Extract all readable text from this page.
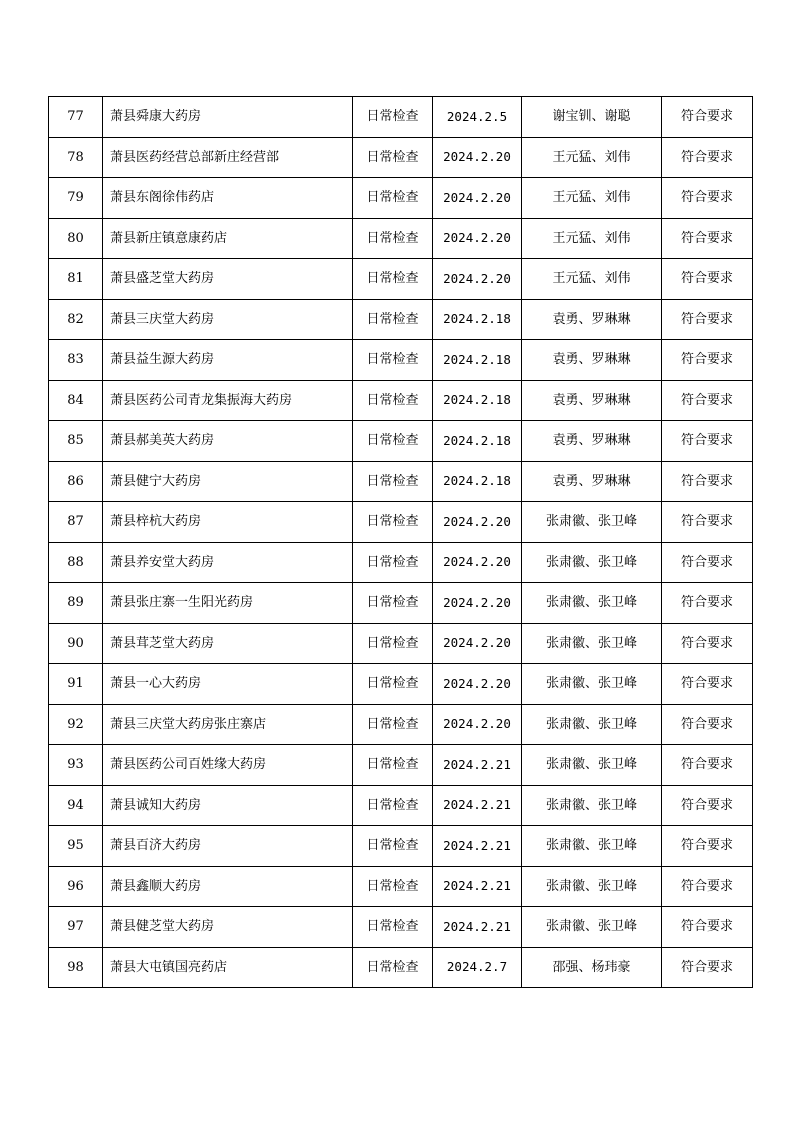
77	萧县舜康大药房	日常检查	2024.2.5	谢宝钏、谢聪	符合要求
78	萧县医药经营总部新庄经营部	日常检查	2024.2.20	王元猛、刘伟	符合要求
79	萧县东阁徐伟药店	日常检查	2024.2.20	王元猛、刘伟	符合要求
80	萧县新庄镇意康药店	日常检查	2024.2.20	王元猛、刘伟	符合要求
81	萧县盛芝堂大药房	日常检查	2024.2.20	王元猛、刘伟	符合要求
82	萧县三庆堂大药房	日常检查	2024.2.18	袁勇、罗琳琳	符合要求
83	萧县益生源大药房	日常检查	2024.2.18	袁勇、罗琳琳	符合要求
84	萧县医药公司青龙集振海大药房	日常检查	2024.2.18	袁勇、罗琳琳	符合要求
85	萧县郝美英大药房	日常检查	2024.2.18	袁勇、罗琳琳	符合要求
86	萧县健宁大药房	日常检查	2024.2.18	袁勇、罗琳琳	符合要求
87	萧县梓杭大药房	日常检查	2024.2.20	张肃徽、张卫峰	符合要求
88	萧县养安堂大药房	日常检查	2024.2.20	张肃徽、张卫峰	符合要求
89	萧县张庄寨一生阳光药房	日常检查	2024.2.20	张肃徽、张卫峰	符合要求
90	萧县茸芝堂大药房	日常检查	2024.2.20	张肃徽、张卫峰	符合要求
91	萧县一心大药房	日常检查	2024.2.20	张肃徽、张卫峰	符合要求
92	萧县三庆堂大药房张庄寨店	日常检查	2024.2.20	张肃徽、张卫峰	符合要求
93	萧县医药公司百姓缘大药房	日常检查	2024.2.21	张肃徽、张卫峰	符合要求
94	萧县诚知大药房	日常检查	2024.2.21	张肃徽、张卫峰	符合要求
95	萧县百济大药房	日常检查	2024.2.21	张肃徽、张卫峰	符合要求
96	萧县鑫顺大药房	日常检查	2024.2.21	张肃徽、张卫峰	符合要求
97	萧县健芝堂大药房	日常检查	2024.2.21	张肃徽、张卫峰	符合要求
98	萧县大屯镇国亮药店	日常检查	2024.2.7	邵强、杨玮豪	符合要求
